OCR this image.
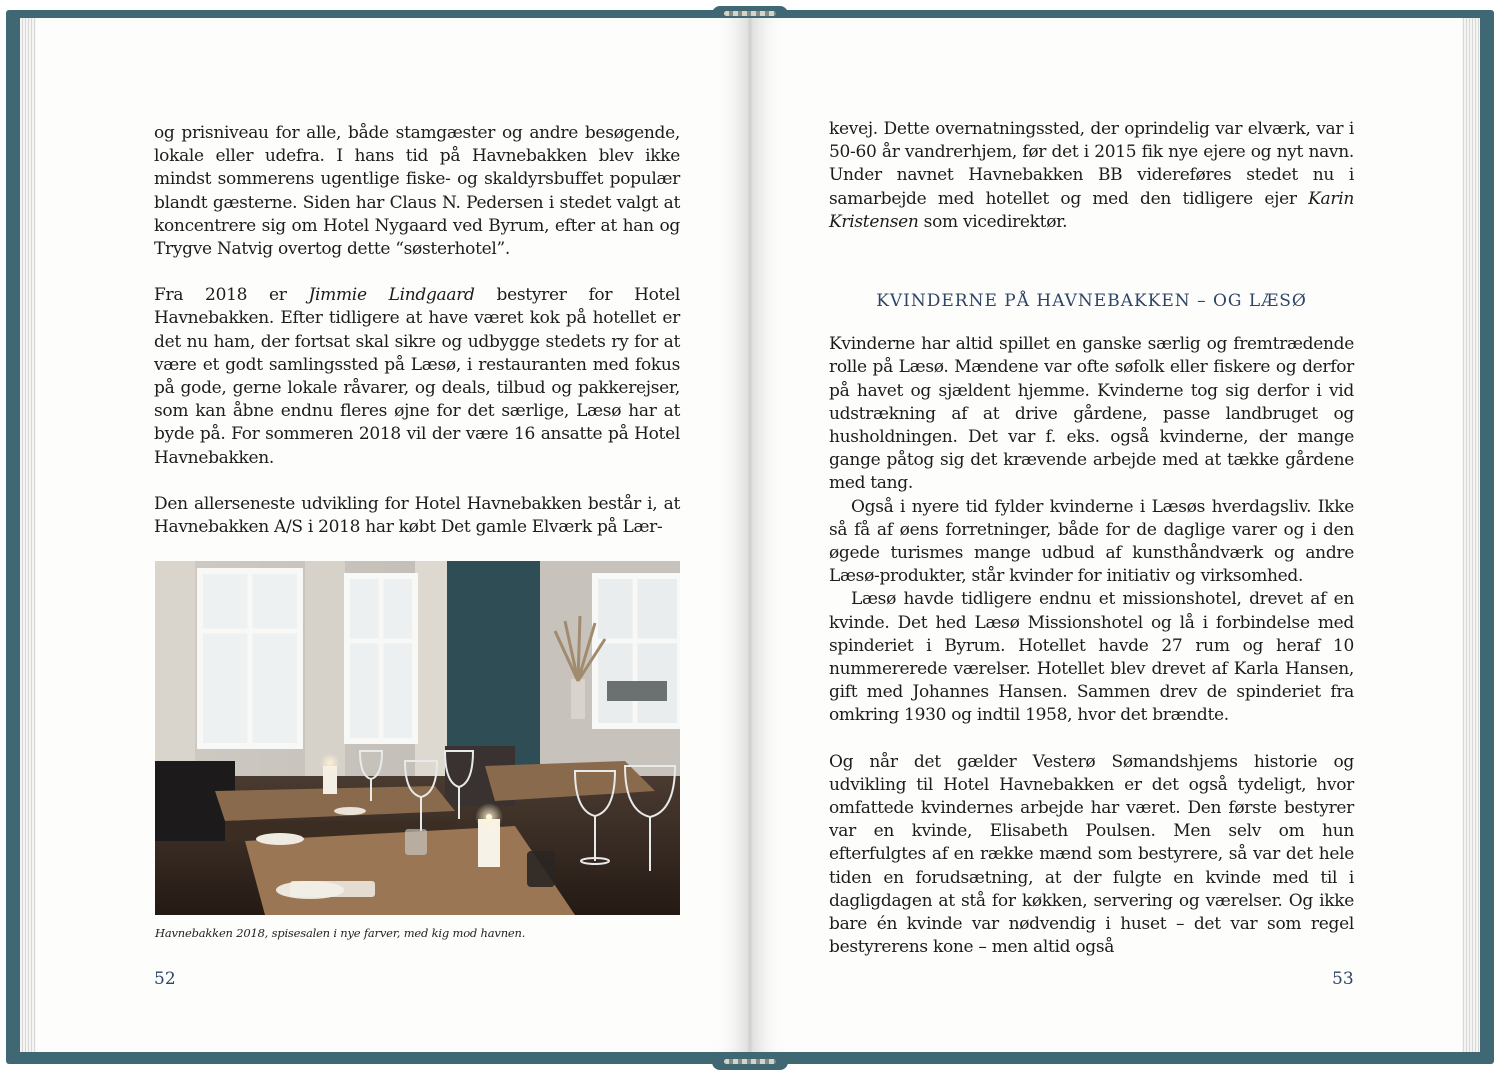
og prisniveau for alle, både stamgæster og andre besøgende, lokale eller udefra. I hans tid på Havnebakken blev ikke mindst sommerens ugentlige fiske- og skaldyrsbuffet populær blandt gæsterne. Siden har Claus N. Pedersen i stedet valgt at koncentrere sig om Hotel Nygaard ved Byrum, efter at han og Trygve Natvig overtog dette “søsterhotel”.

Fra 2018 er Jimmie Lindgaard bestyrer for Hotel Havnebakken. Efter tidligere at have været kok på hotellet er det nu ham, der fortsat skal sikre og udbygge stedets ry for at være et godt samlingssted på Læsø, i restauranten med fokus på gode, gerne lokale råvarer, og deals, tilbud og pakkerejser, som kan åbne endnu fleres øjne for det særlige, Læsø har at byde på. For sommeren 2018 vil der være 16 ansatte på Hotel Havnebakken.

Den allerseneste udvikling for Hotel Havnebakken består i, at Havnebakken A/S i 2018 har købt Det gamle Elværk på Lær-

Havnebakken 2018, spisesalen i nye farver, med kig mod havnen.
52

kevej. Dette overnatningssted, der oprindelig var elværk, var i 50-60 år vandrerhjem, før det i 2015 fik nye ejere og nyt navn. Under navnet Havnebakken BB videreføres stedet nu i samarbejde med hotellet og med den tidligere ejer Karin Kristensen som vicedirektør.

KVINDERNE PÅ HAVNEBAKKEN – OG LÆSØ

Kvinderne har altid spillet en ganske særlig og fremtrædende rolle på Læsø. Mændene var ofte søfolk eller fiskere og derfor på havet og sjældent hjemme. Kvinderne tog sig derfor i vid udstrækning af at drive gårdene, passe landbruget og husholdningen. Det var f. eks. også kvinderne, der mange gange påtog sig det krævende arbejde med at tække gårdene med tang.

Også i nyere tid fylder kvinderne i Læsøs hverdagsliv. Ikke så få af øens forretninger, både for de daglige varer og i den øgede turismes mange udbud af kunsthåndværk og andre Læsø-produkter, står kvinder for initiativ og virksomhed.

Læsø havde tidligere endnu et missionshotel, drevet af en kvinde. Det hed Læsø Missionshotel og lå i forbindelse med spinderiet i Byrum. Hotellet havde 27 rum og heraf 10 nummererede værelser. Hotellet blev drevet af Karla Hansen, gift med Johannes Hansen. Sammen drev de spinderiet fra omkring 1930 og indtil 1958, hvor det brændte.

Og når det gælder Vesterø Sømandshjems historie og udvikling til Hotel Havnebakken er det også tydeligt, hvor omfattede kvindernes arbejde har været. Den første bestyrer var en kvinde, Elisabeth Poulsen. Men selv om hun efterfulgtes af en række mænd som bestyrere, så var det hele tiden en forudsætning, at der fulgte en kvinde med til i dagligdagen at stå for køkken, servering og værelser. Og ikke bare én kvinde var nødvendig i huset – det var som regel bestyrerens kone – men altid også

53
